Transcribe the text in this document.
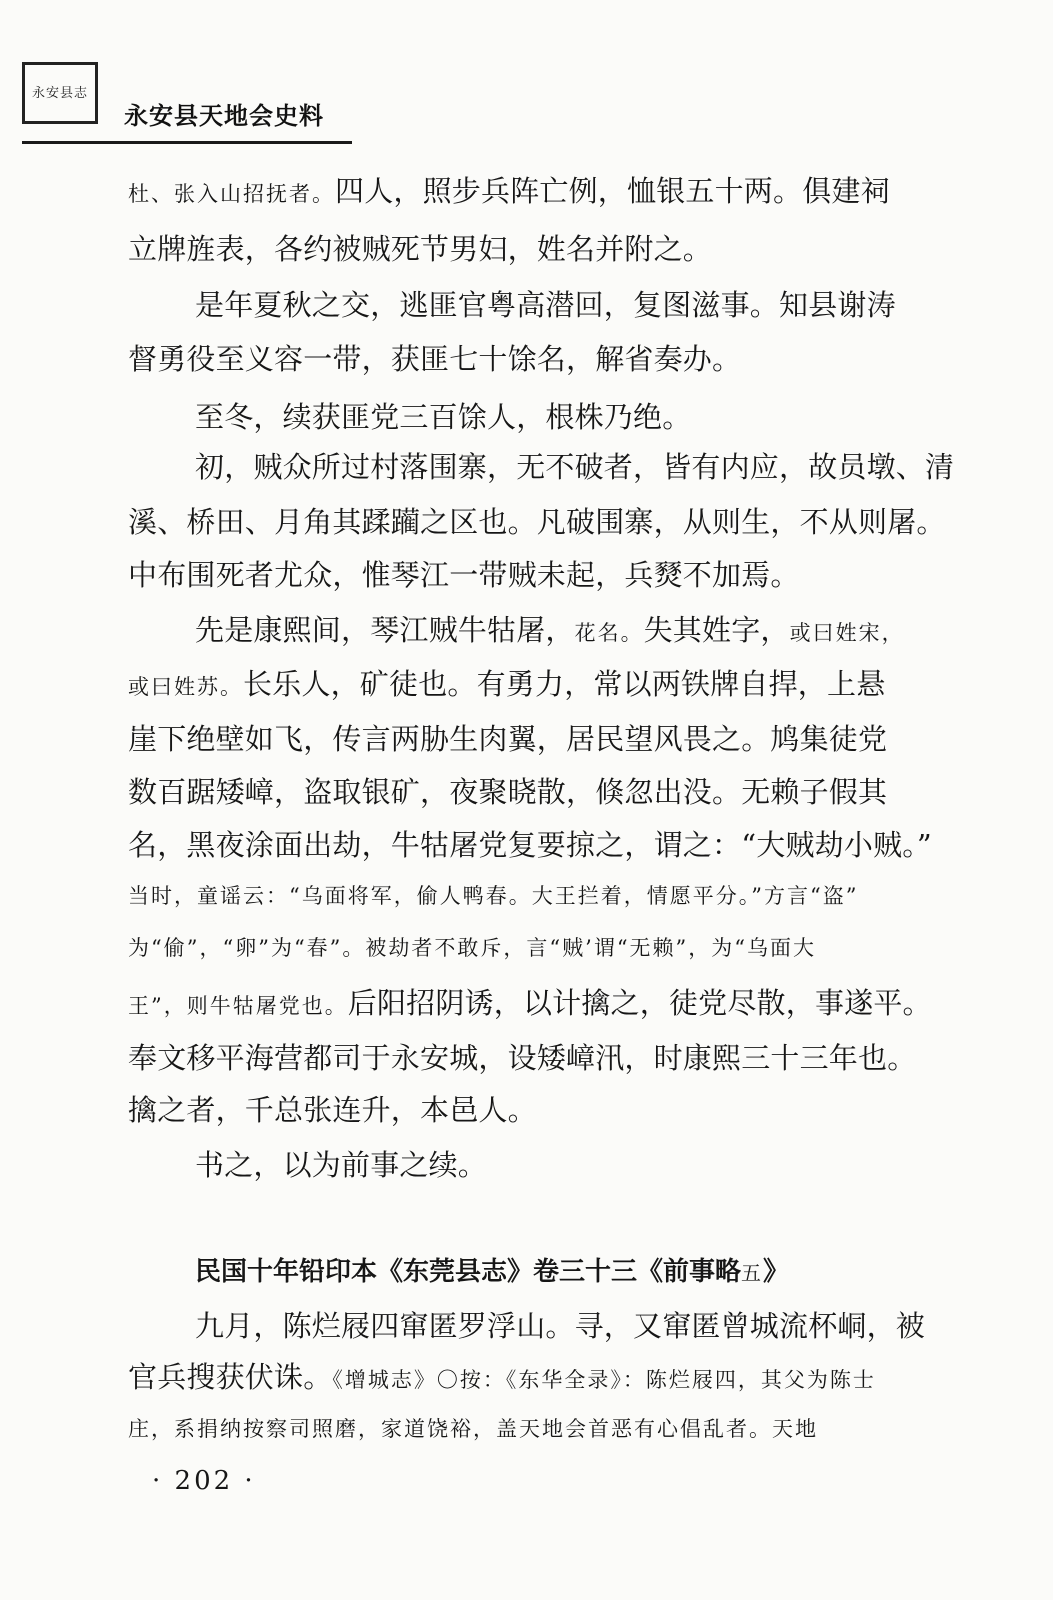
永安县志
永安县天地会史料

杜、张入山招抚者。四人，照步兵阵亡例，恤银五十两。俱建祠

立牌旌表，各约被贼死节男妇，姓名并附之。

是年夏秋之交，逃匪官粤高潜回，复图滋事。知县谢涛

督勇役至义容一带，获匪七十馀名，解省奏办。

至冬，续获匪党三百馀人，根株乃绝。

初，贼众所过村落围寨，无不破者，皆有内应，故员墩、清

溪、桥田、月角其蹂躏之区也。凡破围寨，从则生，不从则屠。

中布围死者尤众，惟琴江一带贼未起，兵燹不加焉。

先是康熙间，琴江贼牛牯屠，花名。失其姓字，或曰姓宋，

或曰姓苏。长乐人，矿徒也。有勇力，常以两铁牌自捍，上悬

崖下绝壁如飞，传言两胁生肉翼，居民望风畏之。鸠集徒党

数百踞矮嶂，盗取银矿，夜聚晓散，倏忽出没。无赖子假其

名，黑夜涂面出劫，牛牯屠党复要掠之，谓之：“大贼劫小贼。”

当时，童谣云：“乌面将军，偷人鸭春。大王拦着，情愿平分。”方言“盗”

为“偷”，“卵”为“春”。被劫者不敢斥，言“贼’谓“无赖”，为“乌面大

王”，则牛牯屠党也。后阳招阴诱，以计擒之，徒党尽散，事遂平。

奉文移平海营都司于永安城，设矮嶂汛，时康熙三十三年也。

擒之者，千总张连升，本邑人。

书之，以为前事之续。

民国十年铅印本《东莞县志》卷三十三《前事略五》

九月，陈烂屐四窜匿罗浮山。寻，又窜匿曾城流杯峒，被

官兵搜获伏诛。《增城志》〇按：《东华全录》：陈烂屐四，其父为陈士

庄，系捐纳按察司照磨，家道饶裕，盖天地会首恶有心倡乱者。天地

· 202 ·
